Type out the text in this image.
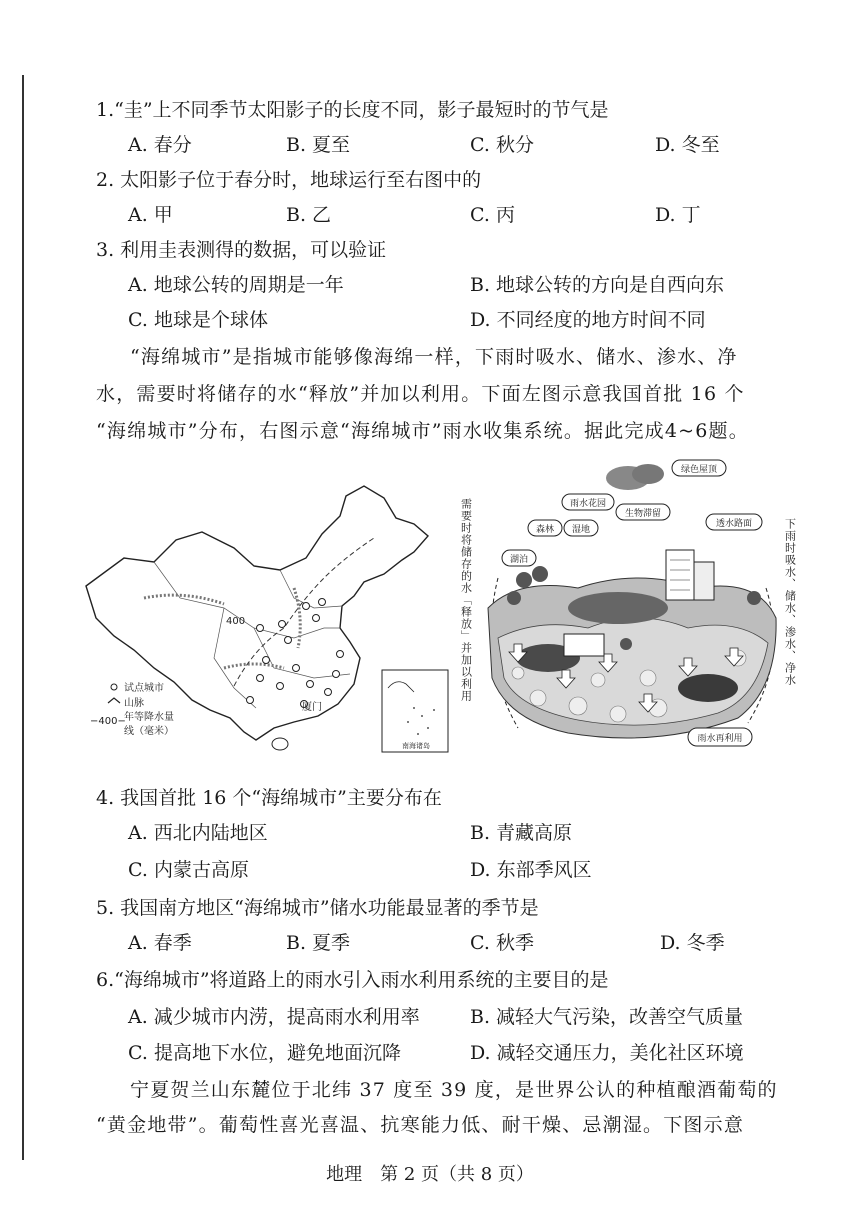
1.“圭”上不同季节太阳影子的长度不同，影子最短时的节气是
A. 春分	B. 夏至	C. 秋分	D. 冬至
2. 太阳影子位于春分时，地球运行至右图中的
A. 甲	B. 乙	C. 丙	D. 丁
3. 利用圭表测得的数据，可以验证
A. 地球公转的周期是一年	B. 地球公转的方向是自西向东
C. 地球是个球体	D. 不同经度的地方时间不同
“海绵城市”是指城市能够像海绵一样，下雨时吸水、储水、渗水、净
水，需要时将储存的水“释放”并加以利用。下面左图示意我国首批 16 个
“海绵城市”分布，右图示意“海绵城市”雨水收集系统。据此完成4~6题。
400
厦门
试点城市
山脉
−400−
年等降水量
线（毫米）
南海诸岛
需要时将储存的水「释放」并加以利用	下雨时吸水、储水、渗水、净水
绿色屋顶
雨水花园
生物滞留
森林 湿地
透水路面
湖泊
雨水再利用
4. 我国首批 16 个“海绵城市”主要分布在
A. 西北内陆地区	B. 青藏高原
C. 内蒙古高原	D. 东部季风区
5. 我国南方地区“海绵城市”储水功能最显著的季节是
A. 春季	B. 夏季	C. 秋季	D. 冬季
6.“海绵城市”将道路上的雨水引入雨水利用系统的主要目的是
A. 减少城市内涝，提高雨水利用率	B. 减轻大气污染，改善空气质量
C. 提高地下水位，避免地面沉降	D. 减轻交通压力，美化社区环境
宁夏贺兰山东麓位于北纬 37 度至 39 度，是世界公认的种植酿酒葡萄的
“黄金地带”。葡萄性喜光喜温、抗寒能力低、耐干燥、忌潮湿。下图示意
地理　第 2 页（共 8 页）
